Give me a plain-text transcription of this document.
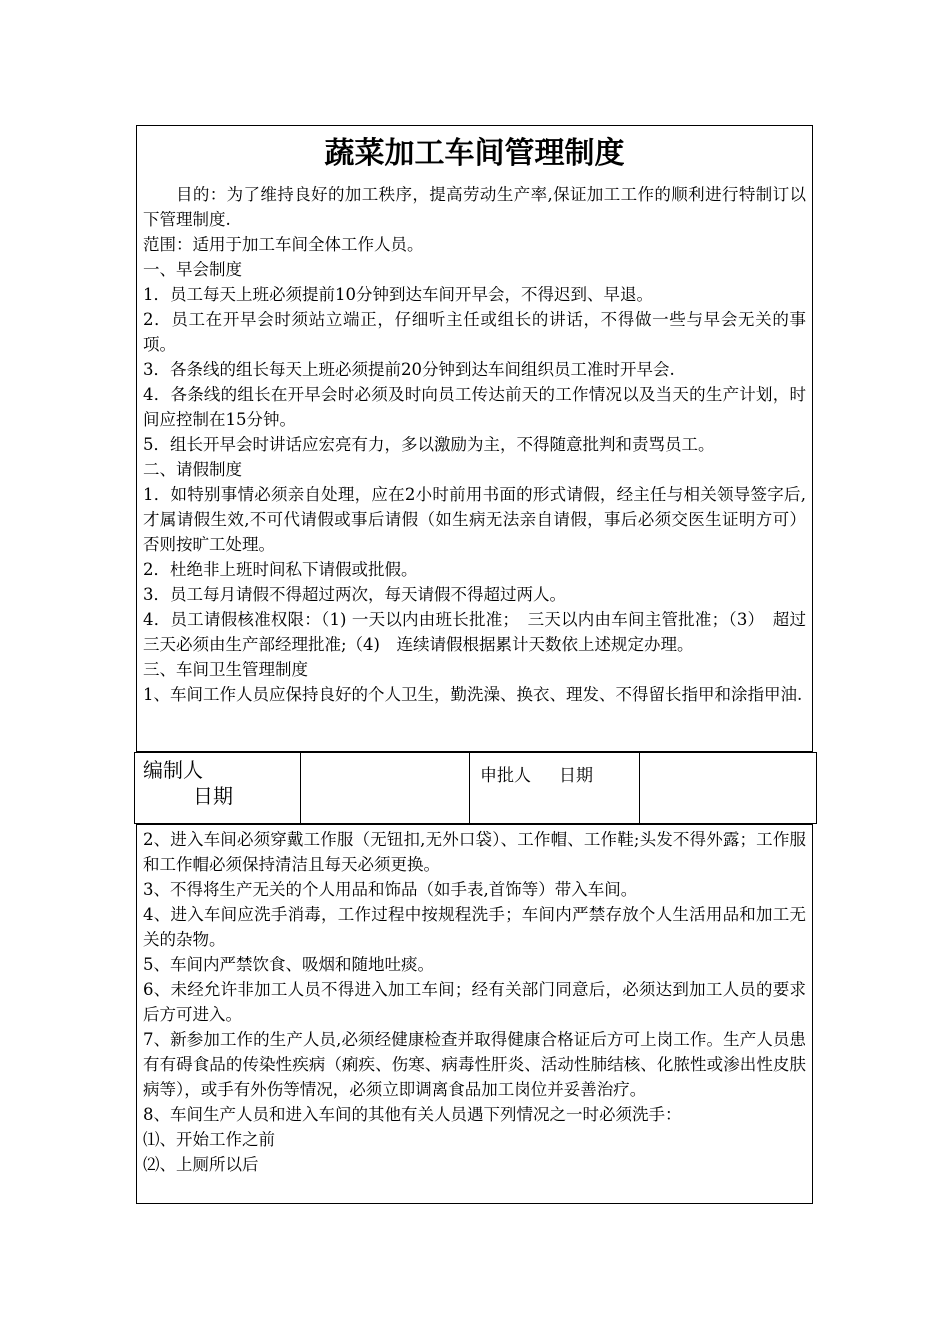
蔬菜加工车间管理制度

目的：为了维持良好的加工秩序，提高劳动生产率,保证加工工作的顺利进行特制订以下管理制度.

范围：适用于加工车间全体工作人员。

一、早会制度

1．员工每天上班必须提前10分钟到达车间开早会，不得迟到、早退。

2．员工在开早会时须站立端正，仔细听主任或组长的讲话，不得做一些与早会无关的事项。

3．各条线的组长每天上班必须提前20分钟到达车间组织员工准时开早会.

4．各条线的组长在开早会时必须及时向员工传达前天的工作情况以及当天的生产计划，时间应控制在15分钟。

5．组长开早会时讲话应宏亮有力，多以激励为主，不得随意批判和责骂员工。

二、请假制度

1．如特别事情必须亲自处理，应在2小时前用书面的形式请假，经主任与相关领导签字后,才属请假生效,不可代请假或事后请假（如生病无法亲自请假，事后必须交医生证明方可）否则按旷工处理。

2．杜绝非上班时间私下请假或批假。

3．员工每月请假不得超过两次，每天请假不得超过两人。

4．员工请假核准权限：（1) 一天以内由班长批准；　三天以内由车间主管批准；（3）　超过三天必须由生产部经理批准;（4)　连续请假根据累计天数依上述规定办理。

三、车间卫生管理制度

1、车间工作人员应保持良好的个人卫生，勤洗澡、换衣、理发、不得留长指甲和涂指甲油.

编制人
日期
申批人 日期

2、进入车间必须穿戴工作服（无钮扣,无外口袋）、工作帽、工作鞋;头发不得外露；工作服和工作帽必须保持清洁且每天必须更换。

3、不得将生产无关的个人用品和饰品（如手表,首饰等）带入车间。

4、进入车间应洗手消毒，工作过程中按规程洗手；车间内严禁存放个人生活用品和加工无关的杂物。

5、车间内严禁饮食、吸烟和随地吐痰。

6、未经允许非加工人员不得进入加工车间；经有关部门同意后，必须达到加工人员的要求后方可进入。

7、新参加工作的生产人员,必须经健康检查并取得健康合格证后方可上岗工作。生产人员患有有碍食品的传染性疾病（痢疾、伤寒、病毒性肝炎、活动性肺结核、化脓性或渗出性皮肤病等），或手有外伤等情况，必须立即调离食品加工岗位并妥善治疗。

8、车间生产人员和进入车间的其他有关人员遇下列情况之一时必须洗手：

⑴、开始工作之前

⑵、上厕所以后
